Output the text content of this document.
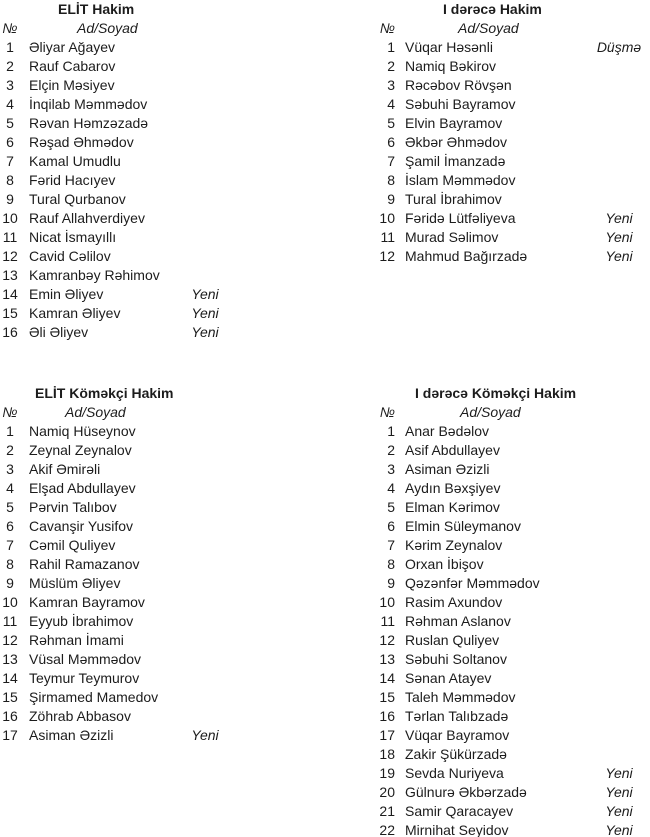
ELİT Hakim
№	Ad/Soyad
1	Əliyar Ağayev
2	Rauf Cabarov
3	Elçin Məsiyev
4	İnqilab Məmmədov
5	Rəvan Həmzəzadə
6	Rəşad Əhmədov
7	Kamal Umudlu
8	Fərid Hacıyev
9	Tural Qurbanov
10 Rauf Allahverdiyev
11 Nicat İsmayıllı
12 Cavid Cəlilov
13 Kamranbəy Rəhimov
14 Emin Əliyev	Yeni
15 Kamran Əliyev	Yeni
16 Əli Əliyev	Yeni
I dərəcə Hakim
№	Ad/Soyad
1 Vüqar Həsənli	Düşmə
2 Namiq Bəkirov
3 Rəcəbov Rövşən
4 Səbuhi Bayramov
5 Elvin Bayramov
6 Əkbər Əhmədov
7 Şamil İmanzadə
8 İslam Məmmədov
9 Tural İbrahimov
10 Fəridə Lütfəliyeva	Yeni
11 Murad Səlimov	Yeni
12 Mahmud Bağırzadə	Yeni
ELİT Köməkçi Hakim
№	Ad/Soyad
1	Namiq Hüseynov
2	Zeynal Zeynalov
3	Akif Əmirəli
4	Elşad Abdullayev
5	Pərvin Talıbov
6	Cavanşir Yusifov
7	Cəmil Quliyev
8	Rahil Ramazanov
9	Müslüm Əliyev
10 Kamran Bayramov
11 Eyyub İbrahimov
12 Rəhman İmami
13 Vüsal Məmmədov
14 Teymur Teymurov
15 Şirmamed Mamedov
16 Zöhrab Abbasov
17 Asiman Əzizli	Yeni
I dərəcə Köməkçi Hakim
№	Ad/Soyad
1 Anar Bədəlov
2 Asif Abdullayev
3 Asiman Əzizli
4 Aydın Bəxşiyev
5 Elman Kərimov
6 Elmin Süleymanov
7 Kərim Zeynalov
8 Orxan İbişov
9 Qəzənfər Məmmədov
10 Rasim Axundov
11 Rəhman Aslanov
12 Ruslan Quliyev
13 Səbuhi Soltanov
14 Sənan Atayev
15 Taleh Məmmədov
16 Tərlan Talıbzadə
17 Vüqar Bayramov
18 Zakir Şükürzadə
19 Sevda Nuriyeva	Yeni
20 Gülnurə Əkbərzadə	Yeni
21 Samir Qaracayev	Yeni
22 Mirnihat Seyidov	Yeni
